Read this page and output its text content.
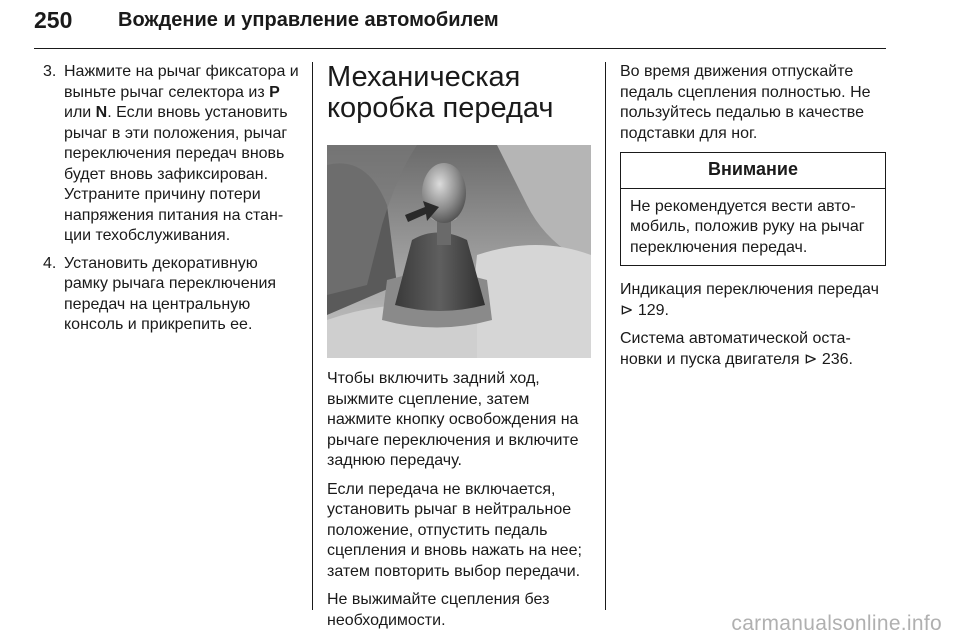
250 Вождение и управление автомобилем
3. Нажмите на рычаг фиксатора и выньте рычаг селектора из P или N. Если вновь установить рычаг в эти положения, рычаг переключения передач вновь будет вновь зафиксирован. Устраните причину потери напряжения питания на станции техобслуживания.
4. Установить декоративную рамку рычага переключения передач на центральную консоль и прикрепить ее.
Механическая
коробка передач

Чтобы включить задний ход, выжмите сцепление, затем нажмите кнопку освобождения на рычаге переключения и включите заднюю передачу.

Если передача не включается, установить рычаг в нейтральное положение, отпустить педаль сцепления и вновь нажать на нее; затем повторить выбор передачи.

Не выжимайте сцепления без необходимости.

Во время движения отпускайте педаль сцепления полностью. Не пользуйтесь педалью в качестве подставки для ног.

Внимание
Не рекомендуется вести автомобиль, положив руку на рычаг переключения передач.

Индикация переключения передач ⊳ 129.

Система автоматической остановки и пуска двигателя ⊳ 236.

carmanualsonline.info
